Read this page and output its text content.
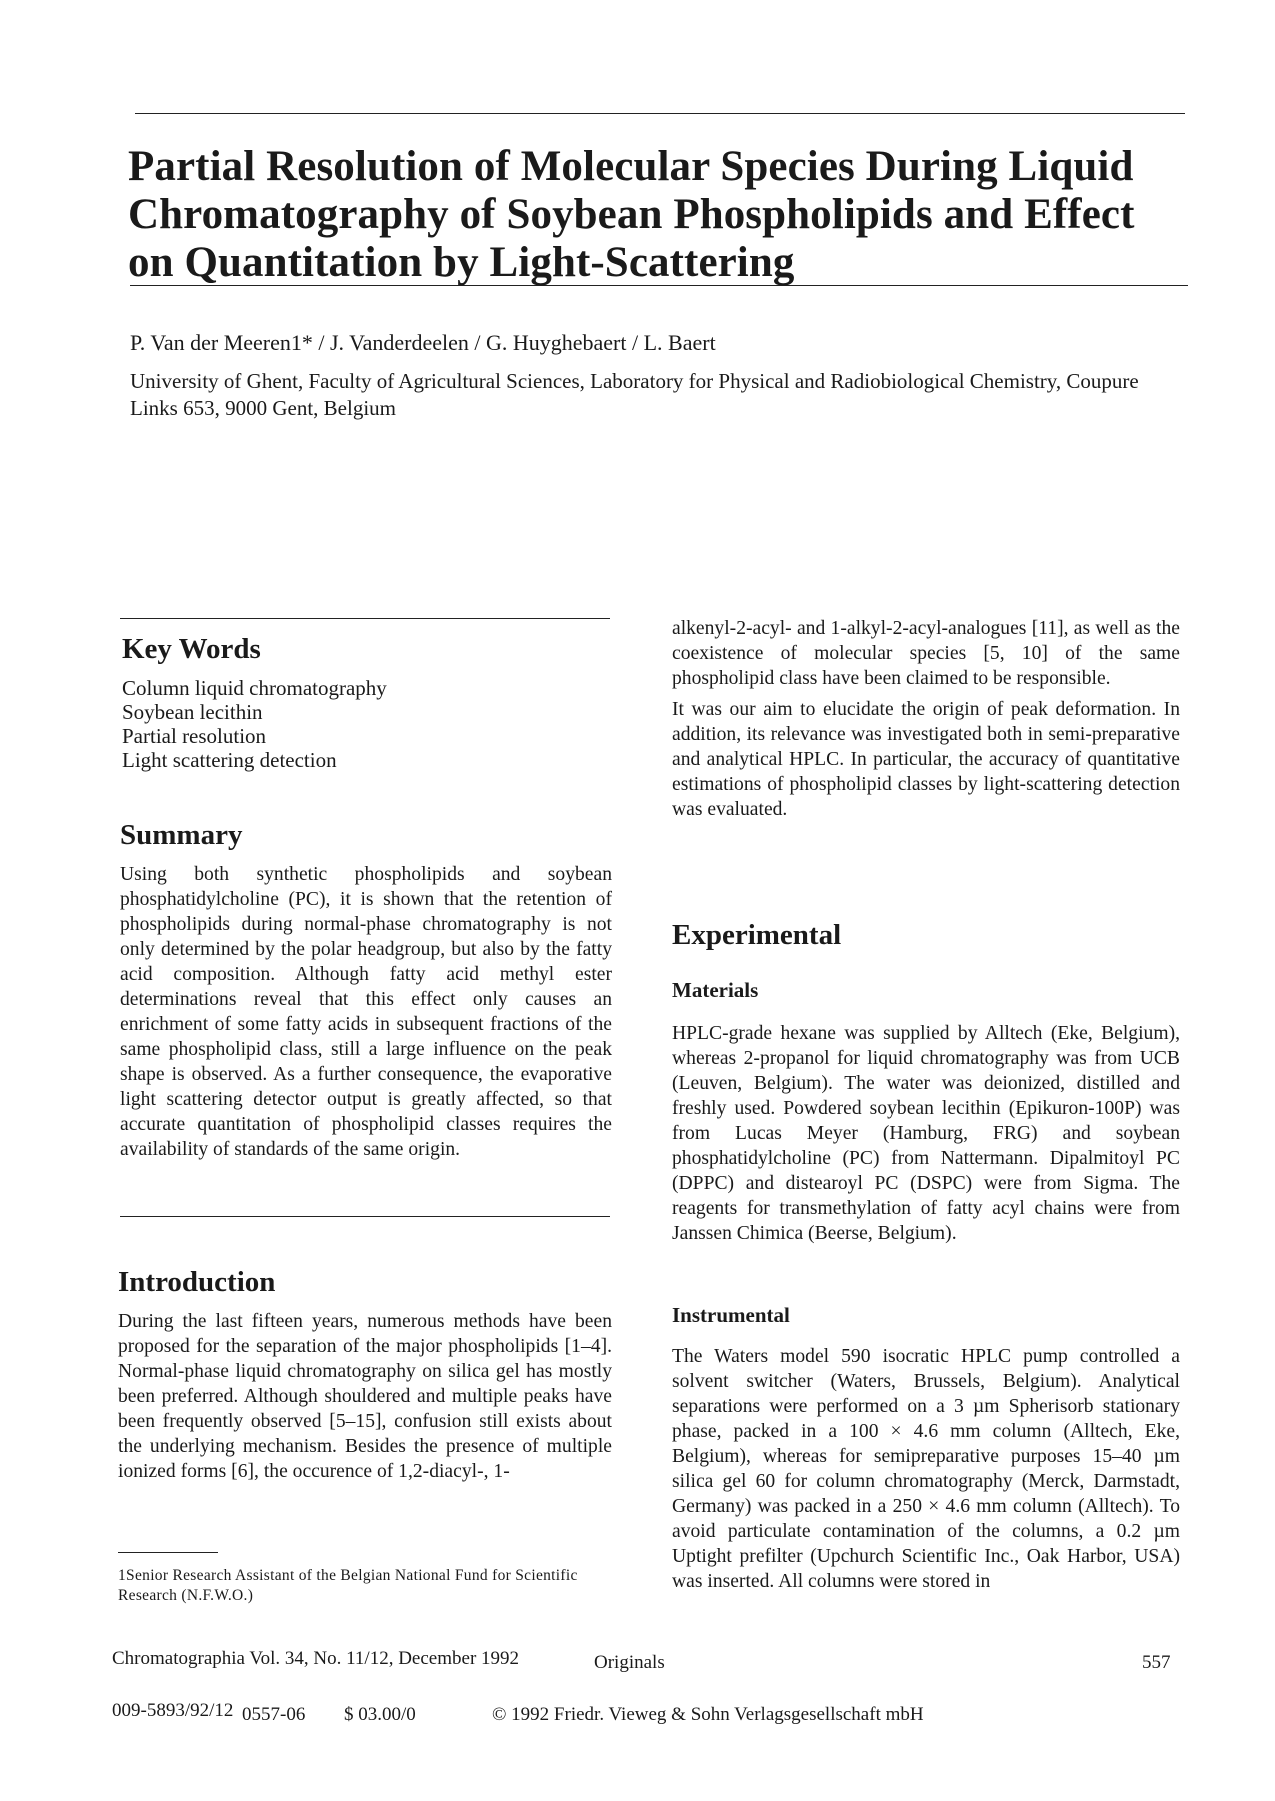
Partial Resolution of Molecular Species During Liquid Chromatography of Soybean Phospholipids and Effect on Quantitation by Light-Scattering

P. Van der Meeren1* / J. Vanderdeelen / G. Huyghebaert / L. Baert

University of Ghent, Faculty of Agricultural Sciences, Laboratory for Physical and Radiobiological Chemistry, Coupure Links 653, 9000 Gent, Belgium

Key Words

Column liquid chromatography

Soybean lecithin

Partial resolution

Light scattering detection

Summary

Using both synthetic phospholipids and soybean phosphatidylcholine (PC), it is shown that the retention of phospholipids during normal-phase chromatography is not only determined by the polar headgroup, but also by the fatty acid composition. Although fatty acid methyl ester determinations reveal that this effect only causes an enrichment of some fatty acids in subsequent fractions of the same phospholipid class, still a large influence on the peak shape is observed. As a further consequence, the evaporative light scattering detector output is greatly affected, so that accurate quantitation of phospholipid classes requires the availability of standards of the same origin.

Introduction

During the last fifteen years, numerous methods have been proposed for the separation of the major phospholipids [1–4]. Normal-phase liquid chromatography on silica gel has mostly been preferred. Although shouldered and multiple peaks have been frequently observed [5–15], confusion still exists about the underlying mechanism. Besides the presence of multiple ionized forms [6], the occurence of 1,2-diacyl-, 1-

1Senior Research Assistant of the Belgian National Fund for Scientific Research (N.F.W.O.)

alkenyl-2-acyl- and 1-alkyl-2-acyl-analogues [11], as well as the coexistence of molecular species [5, 10] of the same phospholipid class have been claimed to be responsible.

It was our aim to elucidate the origin of peak deformation. In addition, its relevance was investigated both in semi-preparative and analytical HPLC. In particular, the accuracy of quantitative estimations of phospholipid classes by light-scattering detection was evaluated.

Experimental
Materials

HPLC-grade hexane was supplied by Alltech (Eke, Belgium), whereas 2-propanol for liquid chromatography was from UCB (Leuven, Belgium). The water was deionized, distilled and freshly used. Powdered soybean lecithin (Epikuron-100P) was from Lucas Meyer (Hamburg, FRG) and soybean phosphatidylcholine (PC) from Nattermann. Dipalmitoyl PC (DPPC) and distearoyl PC (DSPC) were from Sigma. The reagents for transmethylation of fatty acyl chains were from Janssen Chimica (Beerse, Belgium).

Instrumental

The Waters model 590 isocratic HPLC pump controlled a solvent switcher (Waters, Brussels, Belgium). Analytical separations were performed on a 3 µm Spherisorb stationary phase, packed in a 100 × 4.6 mm column (Alltech, Eke, Belgium), whereas for semipreparative purposes 15–40 µm silica gel 60 for column chromatography (Merck, Darmstadt, Germany) was packed in a 250 × 4.6 mm column (Alltech). To avoid particulate contamination of the columns, a 0.2 µm Uptight prefilter (Upchurch Scientific Inc., Oak Harbor, USA) was inserted. All columns were stored in

Chromatographia Vol. 34, No. 11/12, December 1992	Originals	557
009-5893/92/12 0557-06 $ 03.00/0	© 1992 Friedr. Vieweg & Sohn Verlagsgesellschaft mbH
